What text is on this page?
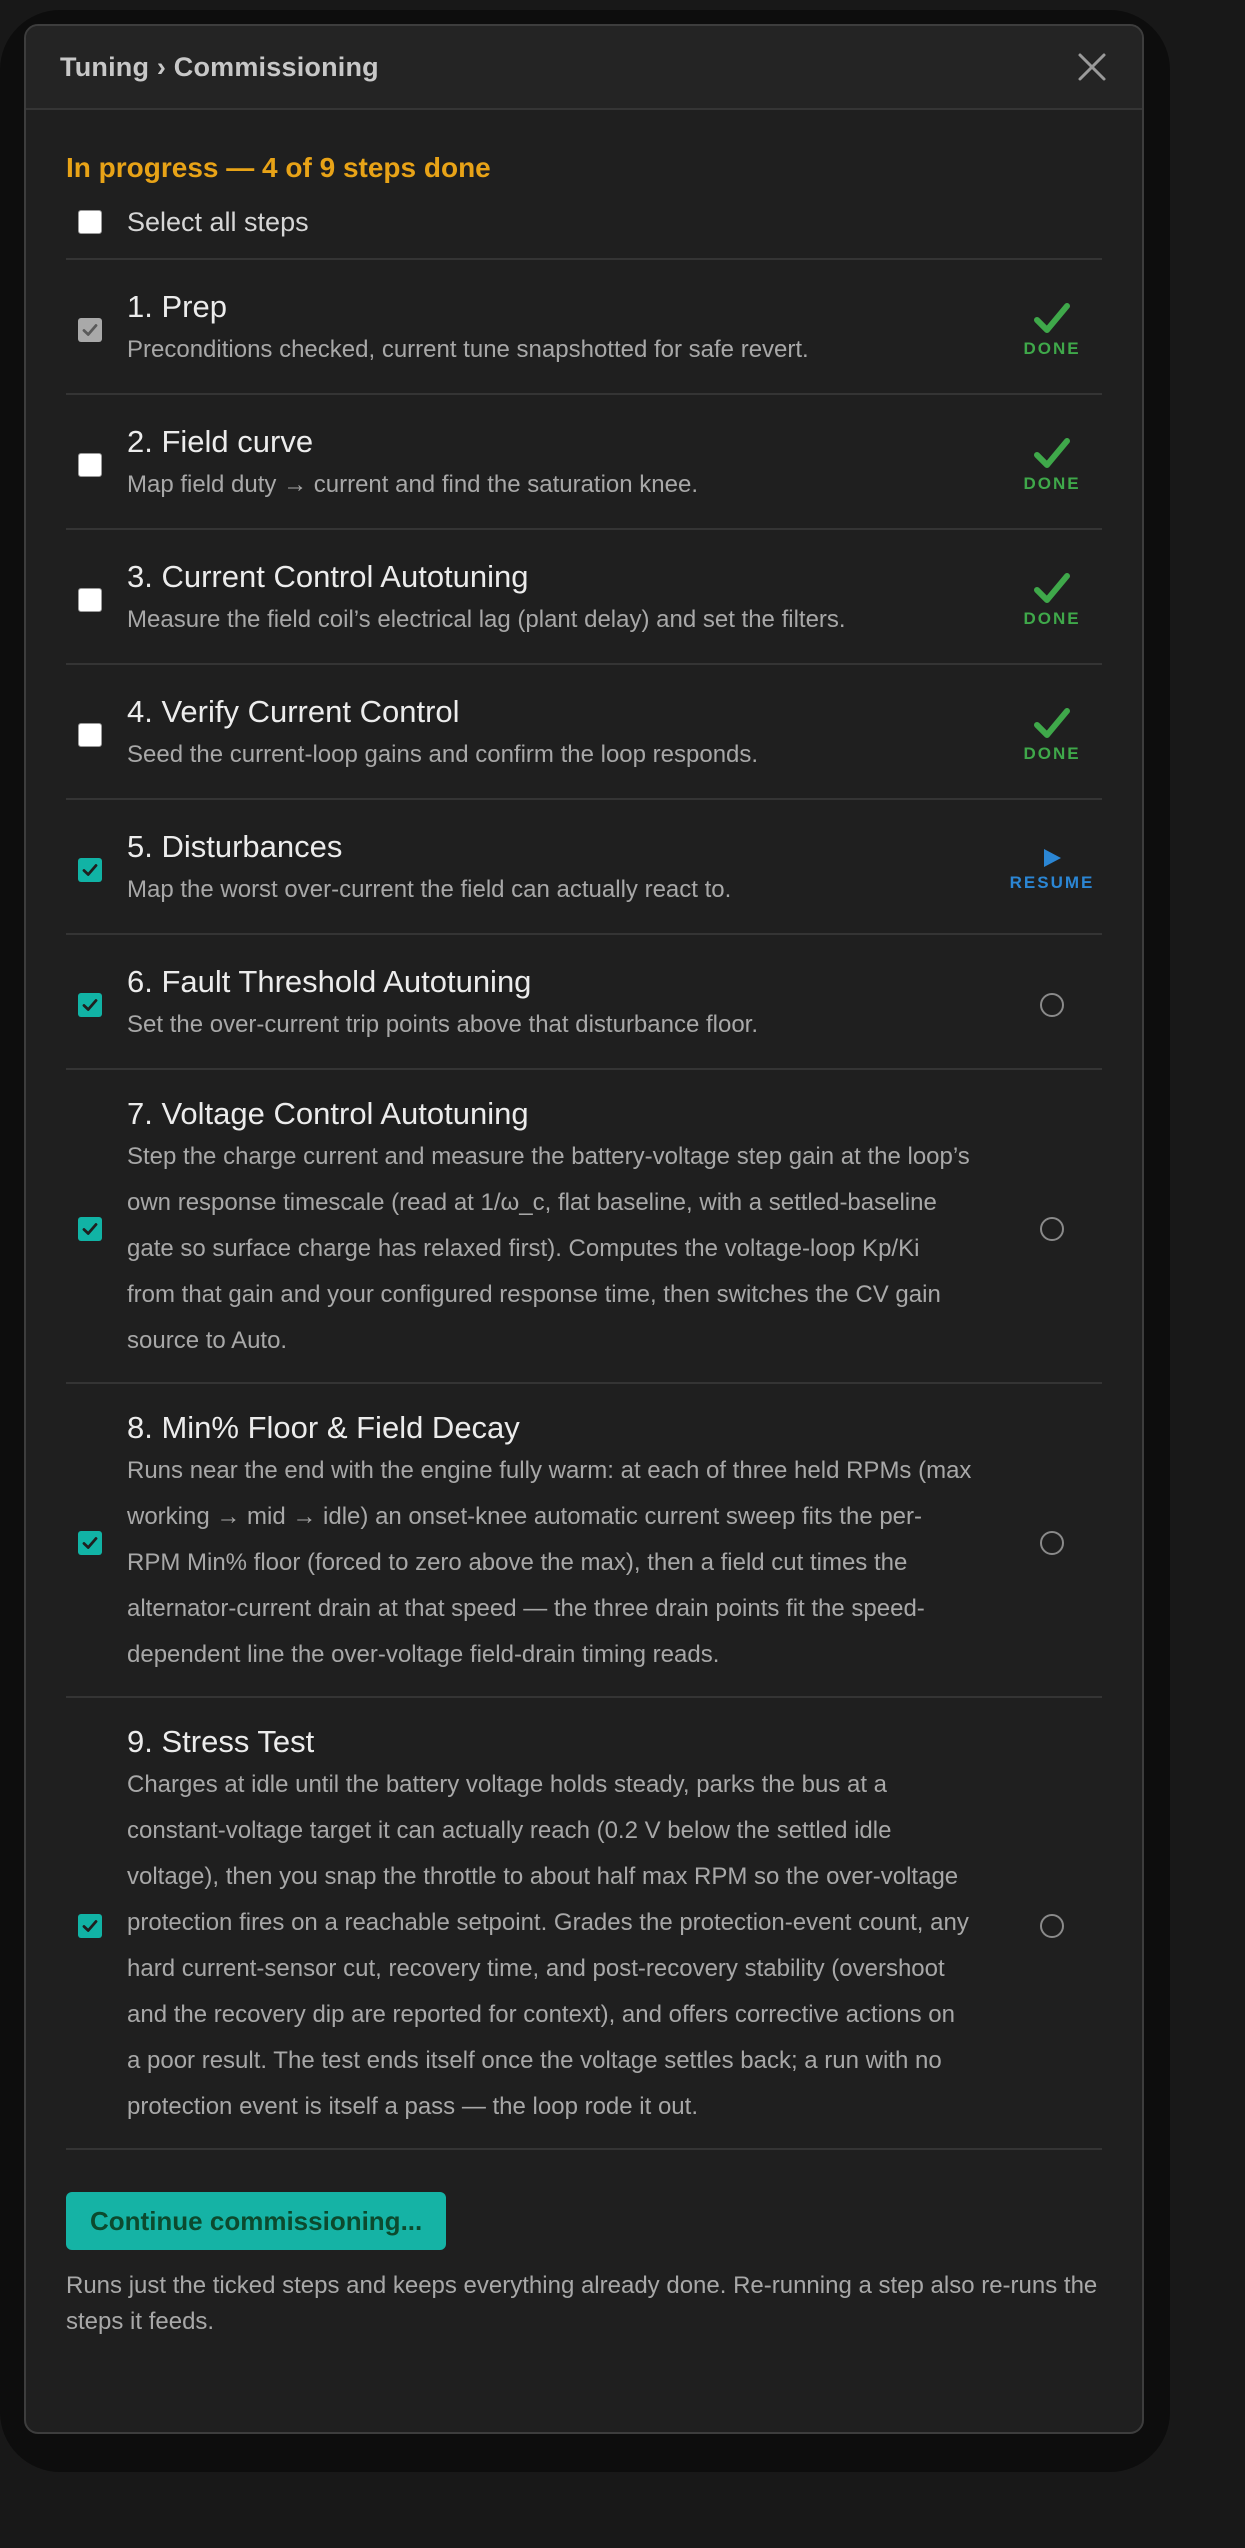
Tuning › Commissioning
In progress — 4 of 9 steps done
Select all steps
1. Prep
Preconditions checked, current tune snapshotted for safe revert.	DONE
2. Field curve
Map field duty → current and find the saturation knee.	DONE
3. Current Control Autotuning
Measure the field coil’s electrical lag (plant delay) and set the filters.	DONE
4. Verify Current Control
Seed the current-loop gains and confirm the loop responds.	DONE
5. Disturbances
Map the worst over-current the field can actually react to.	RESUME
6. Fault Threshold Autotuning
Set the over-current trip points above that disturbance floor.
7. Voltage Control Autotuning
Step the charge current and measure the battery-voltage step gain at the loop’s own response timescale (read at 1/ω_c, flat baseline, with a settled-baseline gate so surface charge has relaxed first). Computes the voltage-loop Kp/Ki from that gain and your configured response time, then switches the CV gain source to Auto.
8. Min% Floor & Field Decay
Runs near the end with the engine fully warm: at each of three held RPMs (max working → mid → idle) an onset-knee automatic current sweep fits the per-RPM Min% floor (forced to zero above the max), then a field cut times the alternator-current drain at that speed — the three drain points fit the speed-dependent line the over-voltage field-drain timing reads.
9. Stress Test
Charges at idle until the battery voltage holds steady, parks the bus at a constant-voltage target it can actually reach (0.2 V below the settled idle voltage), then you snap the throttle to about half max RPM so the over-voltage protection fires on a reachable setpoint. Grades the protection-event count, any hard current-sensor cut, recovery time, and post-recovery stability (overshoot and the recovery dip are reported for context), and offers corrective actions on a poor result. The test ends itself once the voltage settles back; a run with no protection event is itself a pass — the loop rode it out.
Continue commissioning...
Runs just the ticked steps and keeps everything already done. Re-running a step also re-runs the steps it feeds.
